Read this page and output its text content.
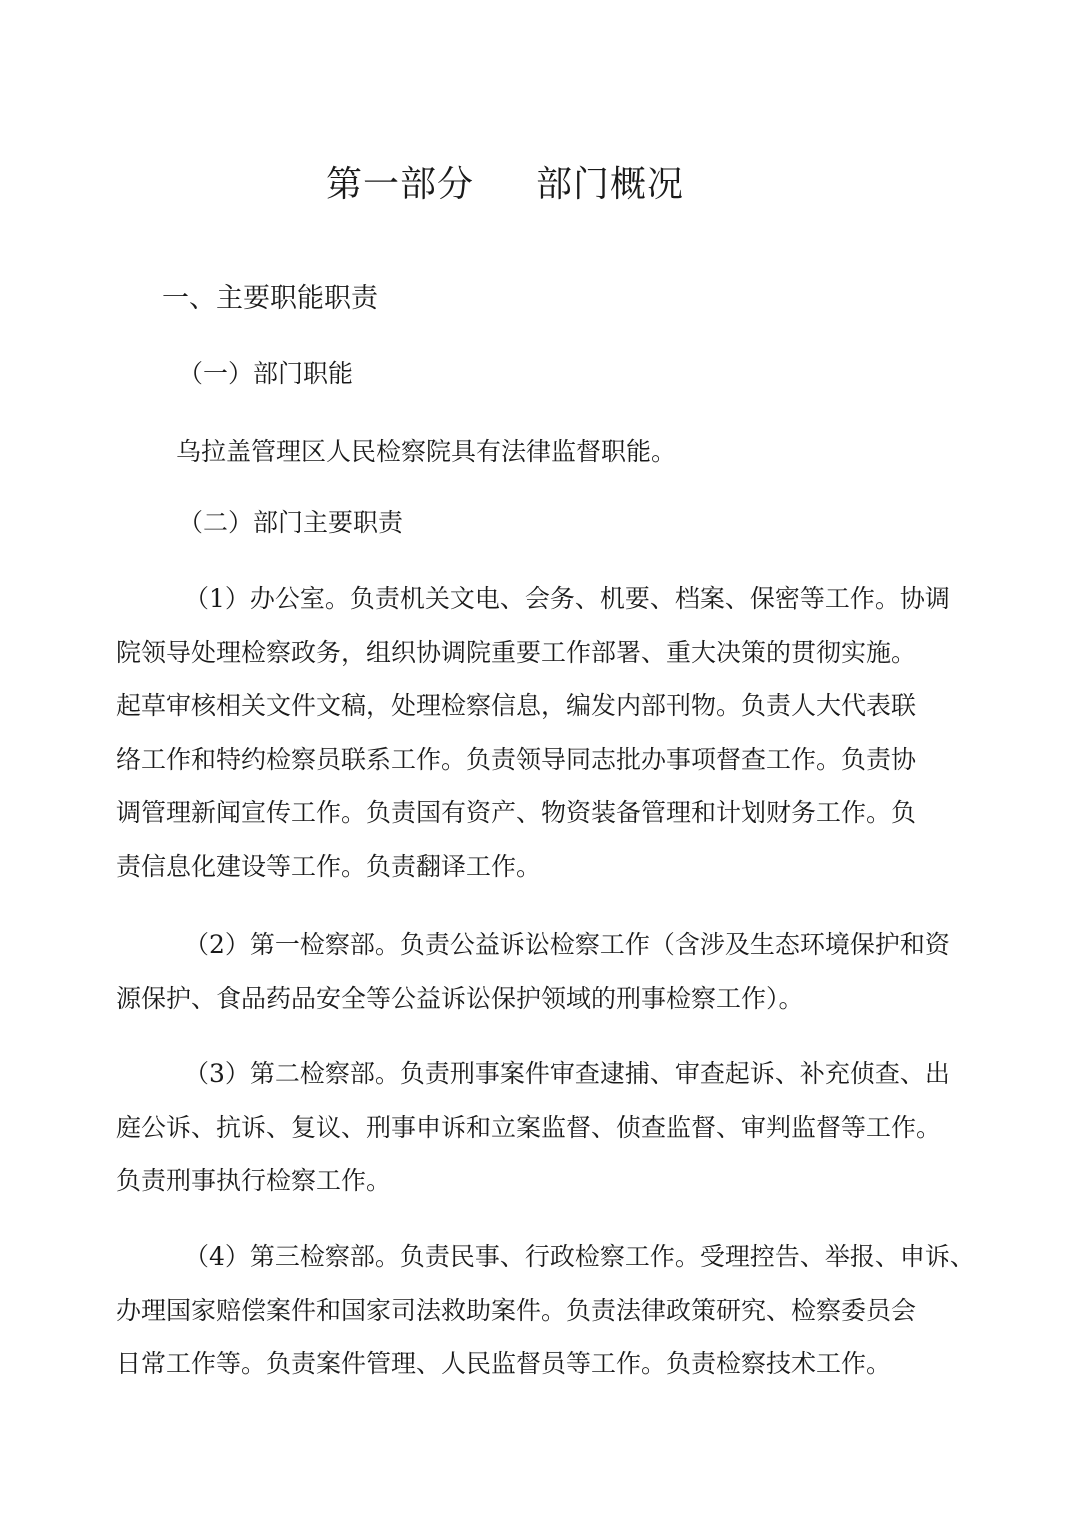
第一部分 部门概况
一、主要职能职责
（一）部门职能
乌拉盖管理区人民检察院具有法律监督职能。
（二）部门主要职责
（1）办公室。负责机关文电、会务、机要、档案、保密等工作。协调
院领导处理检察政务，组织协调院重要工作部署、重大决策的贯彻实施。
起草审核相关文件文稿，处理检察信息，编发内部刊物。负责人大代表联
络工作和特约检察员联系工作。负责领导同志批办事项督查工作。负责协
调管理新闻宣传工作。负责国有资产、物资装备管理和计划财务工作。负
责信息化建设等工作。负责翻译工作。
（2）第一检察部。负责公益诉讼检察工作（含涉及生态环境保护和资
源保护、食品药品安全等公益诉讼保护领域的刑事检察工作）。
（3）第二检察部。负责刑事案件审查逮捕、审查起诉、补充侦查、出
庭公诉、抗诉、复议、刑事申诉和立案监督、侦查监督、审判监督等工作。
负责刑事执行检察工作。
（4）第三检察部。负责民事、行政检察工作。受理控告、举报、申诉、
办理国家赔偿案件和国家司法救助案件。负责法律政策研究、检察委员会
日常工作等。负责案件管理、人民监督员等工作。负责检察技术工作。
